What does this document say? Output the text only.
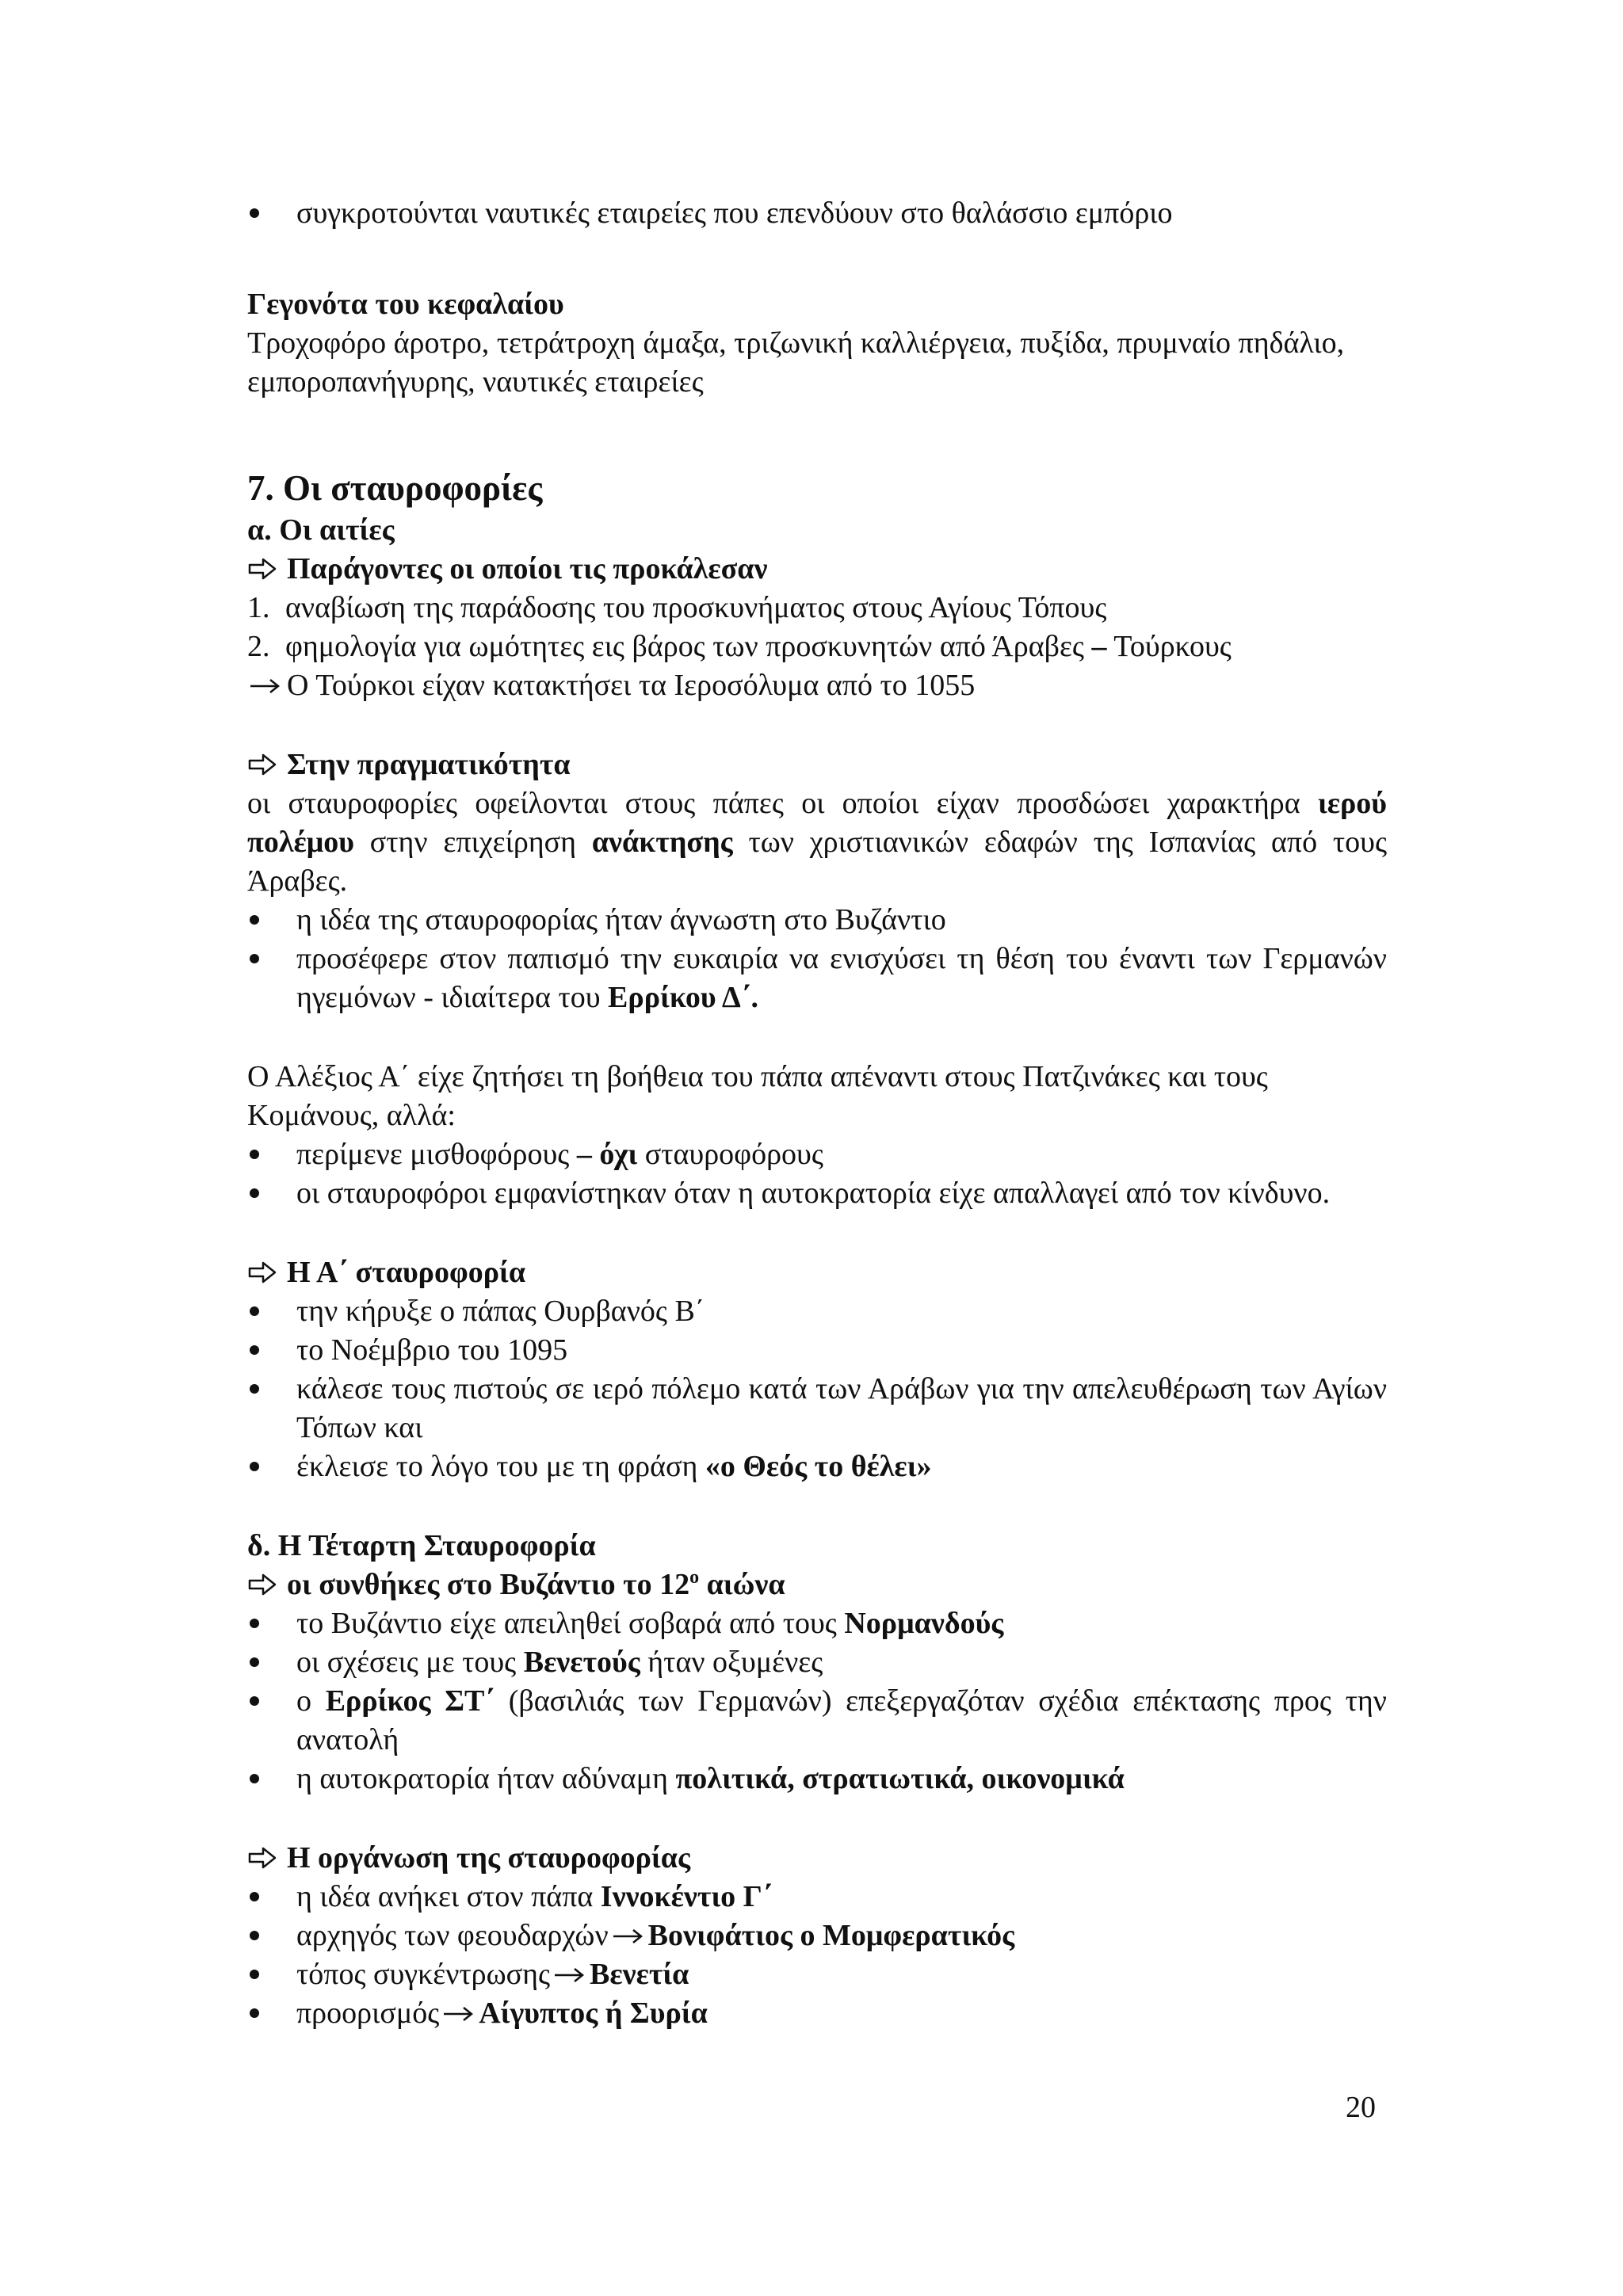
συγκροτούνται ναυτικές εταιρείες που επενδύουν στο θαλάσσιο εμπόριο

Γεγονότα του κεφαλαίου

Τροχοφόρο άροτρο, τετράτροχη άμαξα, τριζωνική καλλιέργεια, πυξίδα, πρυμναίο πηδάλιο, εμποροπανήγυρης, ναυτικές εταιρείες

7. Οι σταυροφορίες

α. Οι αιτίες

Παράγοντες οι οποίοι τις προκάλεσαν

1. αναβίωση της παράδοσης του προσκυνήματος στους Αγίους Τόπους
2. φημολογία για ωμότητες εις βάρος των προσκυνητών από Άραβες – Τούρκους

Ο Τούρκοι είχαν κατακτήσει τα Ιεροσόλυμα από το 1055

Στην πραγματικότητα

οι σταυροφορίες οφείλονται στους πάπες οι οποίοι είχαν προσδώσει χαρακτήρα ιερού πολέμου στην επιχείρηση ανάκτησης των χριστιανικών εδαφών της Ισπανίας από τους Άραβες.

η ιδέα της σταυροφορίας ήταν άγνωστη στο Βυζάντιο
προσέφερε στον παπισμό την ευκαιρία να ενισχύσει τη θέση του έναντι των Γερμανών ηγεμόνων - ιδιαίτερα του Ερρίκου Δ΄.

Ο Αλέξιος Α΄ είχε ζητήσει τη βοήθεια του πάπα απέναντι στους Πατζινάκες και τους Κομάνους, αλλά:

περίμενε μισθοφόρους – όχι σταυροφόρους
οι σταυροφόροι εμφανίστηκαν όταν η αυτοκρατορία είχε απαλλαγεί από τον κίνδυνο.

Η Α΄ σταυροφορία

την κήρυξε ο πάπας Ουρβανός Β΄
το Νοέμβριο του 1095
κάλεσε τους πιστούς σε ιερό πόλεμο κατά των Αράβων για την απελευθέρωση των Αγίων Τόπων και
έκλεισε το λόγο του με τη φράση «ο Θεός το θέλει»

δ. Η Τέταρτη Σταυροφορία

οι συνθήκες στο Βυζάντιο το $12^o$ αιώνα

το Βυζάντιο είχε απειληθεί σοβαρά από τους Νορμανδούς
οι σχέσεις με τους Βενετούς ήταν οξυμένες
ο Ερρίκος ΣΤ΄ (βασιλιάς των Γερμανών) επεξεργαζόταν σχέδια επέκτασης προς την ανατολή
η αυτοκρατορία ήταν αδύναμη πολιτικά, στρατιωτικά, οικονομικά

Η οργάνωση της σταυροφορίας

η ιδέα ανήκει στον πάπα Ιννοκέντιο Γ΄
αρχηγός των φεουδαρχών Βονιφάτιος ο Μομφερατικός
τόπος συγκέντρωσης Βενετία
προορισμός Αίγυπτος ή Συρία
20
